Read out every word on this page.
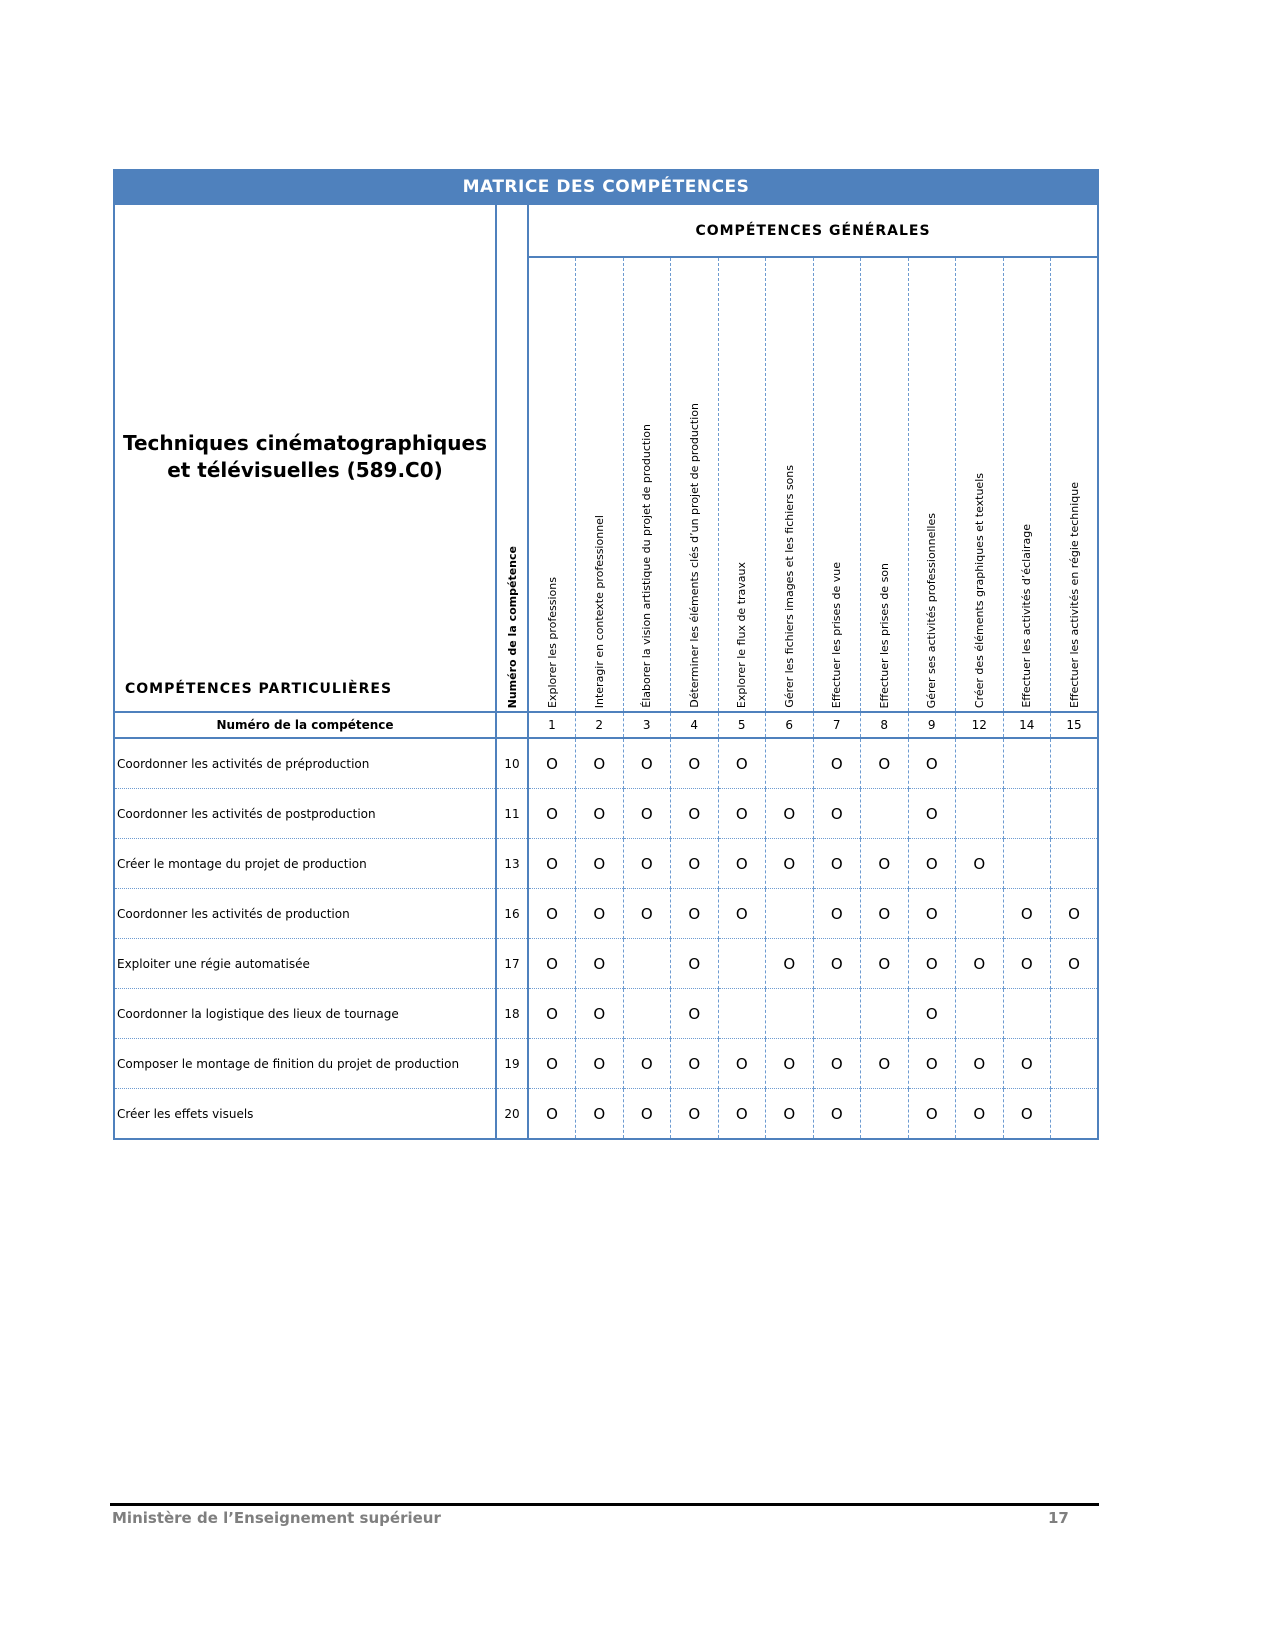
MATRICE DES COMPÉTENCES
Techniques cinématographiques et télévisuelles (589.C0)
COMPÉTENCES PARTICULIÈRES	Numéro de la compétence	COMPÉTENCES GÉNÉRALES											

		Explorer les professions	Interagir en contexte professionnel	Élaborer la vision artistique du projet de production	Déterminer les éléments clés d’un projet de production	Explorer le flux de travaux	Gérer les fichiers images et les fichiers sons	Effectuer les prises de vue	Effectuer les prises de son	Gérer ses activités professionnelles	Créer des éléments graphiques et textuels	Effectuer les activités d’éclairage	Effectuer les activités en régie technique

Numéro de la compétence		1	2	3	4	5	6	7	8	9	12	14	15
Coordonner les activités de préproduction	10	O	O	O	O	O		O	O	O			
Coordonner les activités de postproduction	11	O	O	O	O	O	O	O		O			
Créer le montage du projet de production	13	O	O	O	O	O	O	O	O	O	O		
Coordonner les activités de production	16	O	O	O	O	O		O	O	O		O	O
Exploiter une régie automatisée	17	O	O		O		O	O	O	O	O	O	O
Coordonner la logistique des lieux de tournage	18	O	O		O					O			
Composer le montage de finition du projet de production	19	O	O	O	O	O	O	O	O	O	O	O	
Créer les effets visuels	20	O	O	O	O	O	O	O		O	O	O	
Ministère de l’Enseignement supérieur	17
